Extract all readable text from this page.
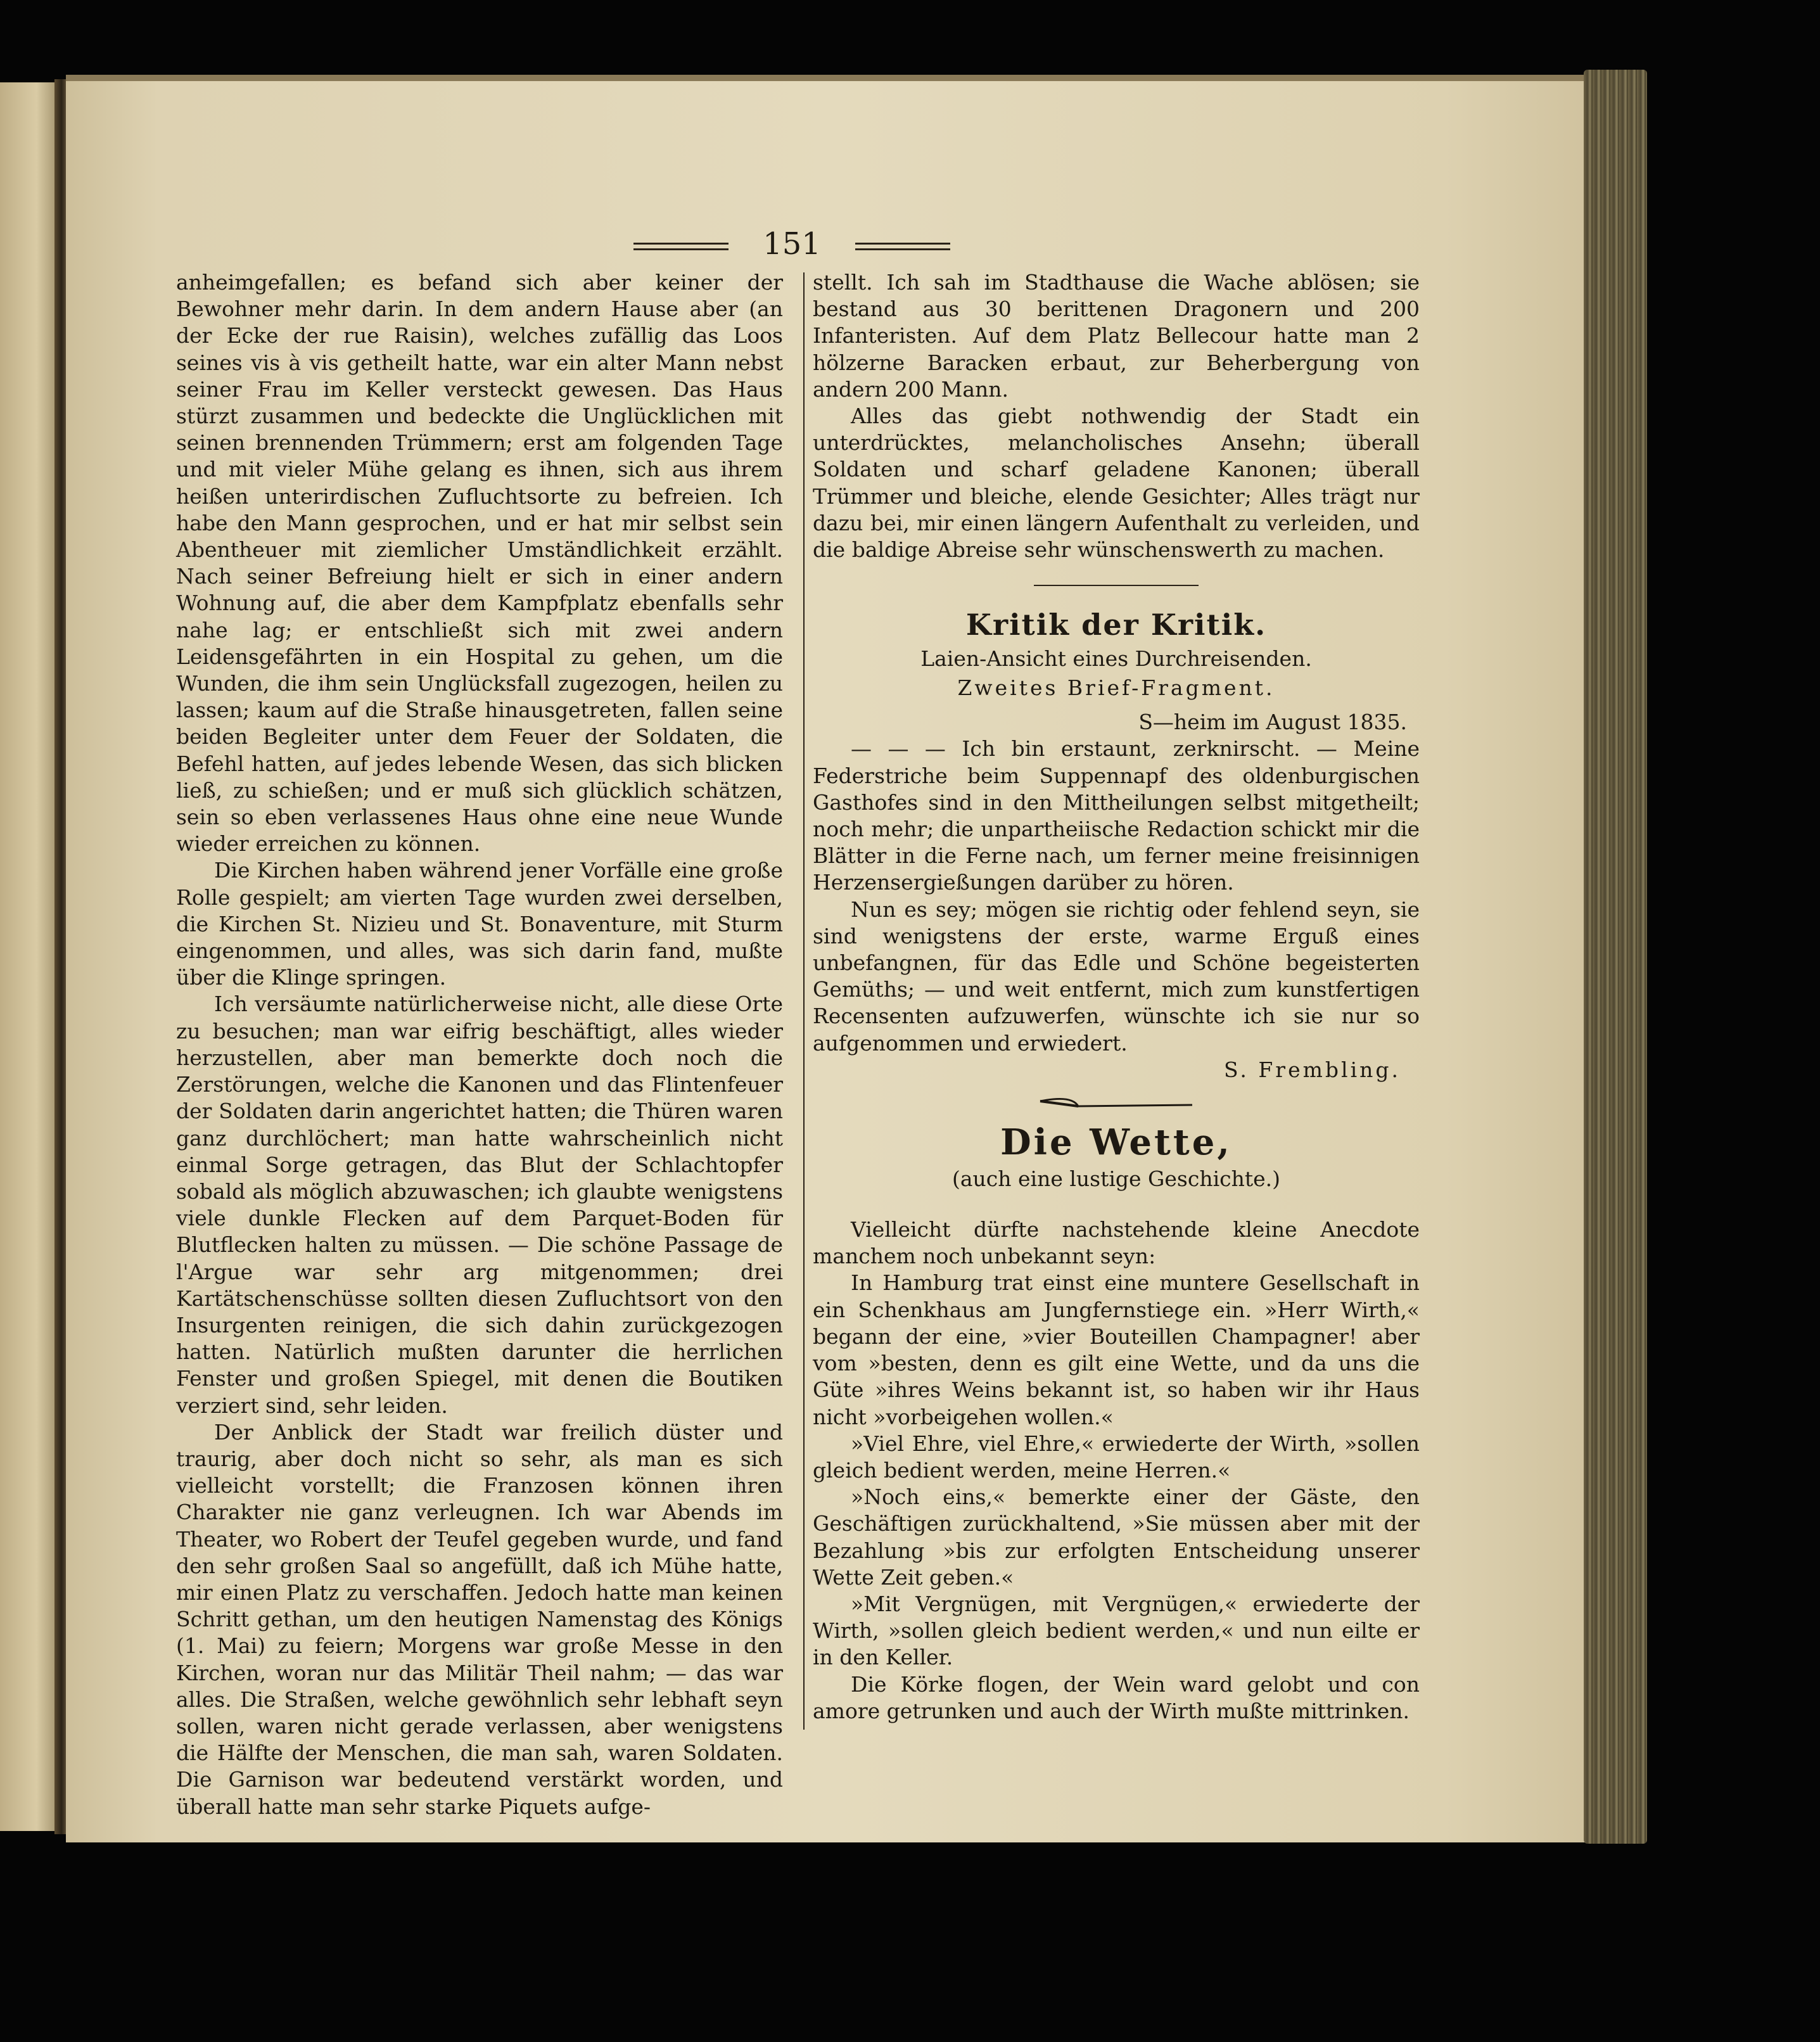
151

anheimgefallen; es befand sich aber keiner der Bewohner mehr darin. In dem andern Hause aber (an der Ecke der rue Raisin), welches zufällig das Loos seines vis à vis getheilt hatte, war ein alter Mann nebst seiner Frau im Keller versteckt gewesen. Das Haus stürzt zusammen und bedeckte die Unglücklichen mit seinen brennenden Trümmern; erst am folgenden Tage und mit vieler Mühe gelang es ihnen, sich aus ihrem heißen unterirdischen Zufluchtsorte zu befreien. Ich habe den Mann gesprochen, und er hat mir selbst sein Abentheuer mit ziemlicher Umständlichkeit erzählt. Nach seiner Befreiung hielt er sich in einer andern Wohnung auf, die aber dem Kampfplatz ebenfalls sehr nahe lag; er entschließt sich mit zwei andern Leidensgefährten in ein Hospital zu gehen, um die Wunden, die ihm sein Unglücksfall zugezogen, heilen zu lassen; kaum auf die Straße hinausgetreten, fallen seine beiden Begleiter unter dem Feuer der Soldaten, die Befehl hatten, auf jedes lebende Wesen, das sich blicken ließ, zu schießen; und er muß sich glücklich schätzen, sein so eben verlassenes Haus ohne eine neue Wunde wieder erreichen zu können.

Die Kirchen haben während jener Vorfälle eine große Rolle gespielt; am vierten Tage wurden zwei derselben, die Kirchen St. Nizieu und St. Bonaventure, mit Sturm eingenommen, und alles, was sich darin fand, mußte über die Klinge springen.

Ich versäumte natürlicherweise nicht, alle diese Orte zu besuchen; man war eifrig beschäftigt, alles wieder herzustellen, aber man bemerkte doch noch die Zerstörungen, welche die Kanonen und das Flintenfeuer der Soldaten darin angerichtet hatten; die Thüren waren ganz durchlöchert; man hatte wahrscheinlich nicht einmal Sorge getragen, das Blut der Schlachtopfer sobald als möglich abzuwaschen; ich glaubte wenigstens viele dunkle Flecken auf dem Parquet-Boden für Blutflecken halten zu müssen. — Die schöne Passage de l'Argue war sehr arg mitgenommen; drei Kartätschenschüsse sollten diesen Zufluchtsort von den Insurgenten reinigen, die sich dahin zurückgezogen hatten. Natürlich mußten darunter die herrlichen Fenster und großen Spiegel, mit denen die Boutiken verziert sind, sehr leiden.

Der Anblick der Stadt war freilich düster und traurig, aber doch nicht so sehr, als man es sich vielleicht vorstellt; die Franzosen können ihren Charakter nie ganz verleugnen. Ich war Abends im Theater, wo Robert der Teufel gegeben wurde, und fand den sehr großen Saal so angefüllt, daß ich Mühe hatte, mir einen Platz zu verschaffen. Jedoch hatte man keinen Schritt gethan, um den heutigen Namenstag des Königs (1. Mai) zu feiern; Morgens war große Messe in den Kirchen, woran nur das Militär Theil nahm; — das war alles. Die Straßen, welche gewöhnlich sehr lebhaft seyn sollen, waren nicht gerade verlassen, aber wenigstens die Hälfte der Menschen, die man sah, waren Soldaten. Die Garnison war bedeutend verstärkt worden, und überall hatte man sehr starke Piquets aufge-

stellt. Ich sah im Stadthause die Wache ablösen; sie bestand aus 30 berittenen Dragonern und 200 Infanteristen. Auf dem Platz Bellecour hatte man 2 hölzerne Baracken erbaut, zur Beherbergung von andern 200 Mann.

Alles das giebt nothwendig der Stadt ein unterdrücktes, melancholisches Ansehn; überall Soldaten und scharf geladene Kanonen; überall Trümmer und bleiche, elende Gesichter; Alles trägt nur dazu bei, mir einen längern Aufenthalt zu verleiden, und die baldige Abreise sehr wünschenswerth zu machen.

Kritik der Kritik.
Laien-Ansicht eines Durchreisenden.
Zweites Brief-Fragment.
S—heim im August 1835.

— — — Ich bin erstaunt, zerknirscht. — Meine Federstriche beim Suppennapf des oldenburgischen Gasthofes sind in den Mittheilungen selbst mitgetheilt; noch mehr; die unpartheiische Redaction schickt mir die Blätter in die Ferne nach, um ferner meine freisinnigen Herzensergießungen darüber zu hören.

Nun es sey; mögen sie richtig oder fehlend seyn, sie sind wenigstens der erste, warme Erguß eines unbefangnen, für das Edle und Schöne begeisterten Gemüths; — und weit entfernt, mich zum kunstfertigen Recensenten aufzuwerfen, wünschte ich sie nur so aufgenommen und erwiedert.

S. Frembling.
Die Wette,
(auch eine lustige Geschichte.)

Vielleicht dürfte nachstehende kleine Anecdote manchem noch unbekannt seyn:

In Hamburg trat einst eine muntere Gesellschaft in ein Schenkhaus am Jungfernstiege ein. »Herr Wirth,« begann der eine, »vier Bouteillen Champagner! aber vom »besten, denn es gilt eine Wette, und da uns die Güte »ihres Weins bekannt ist, so haben wir ihr Haus nicht »vorbeigehen wollen.«

»Viel Ehre, viel Ehre,« erwiederte der Wirth, »sollen gleich bedient werden, meine Herren.«

»Noch eins,« bemerkte einer der Gäste, den Geschäftigen zurückhaltend, »Sie müssen aber mit der Bezahlung »bis zur erfolgten Entscheidung unserer Wette Zeit geben.«

»Mit Vergnügen, mit Vergnügen,« erwiederte der Wirth, »sollen gleich bedient werden,« und nun eilte er in den Keller.

Die Körke flogen, der Wein ward gelobt und con amore getrunken und auch der Wirth mußte mittrinken.
